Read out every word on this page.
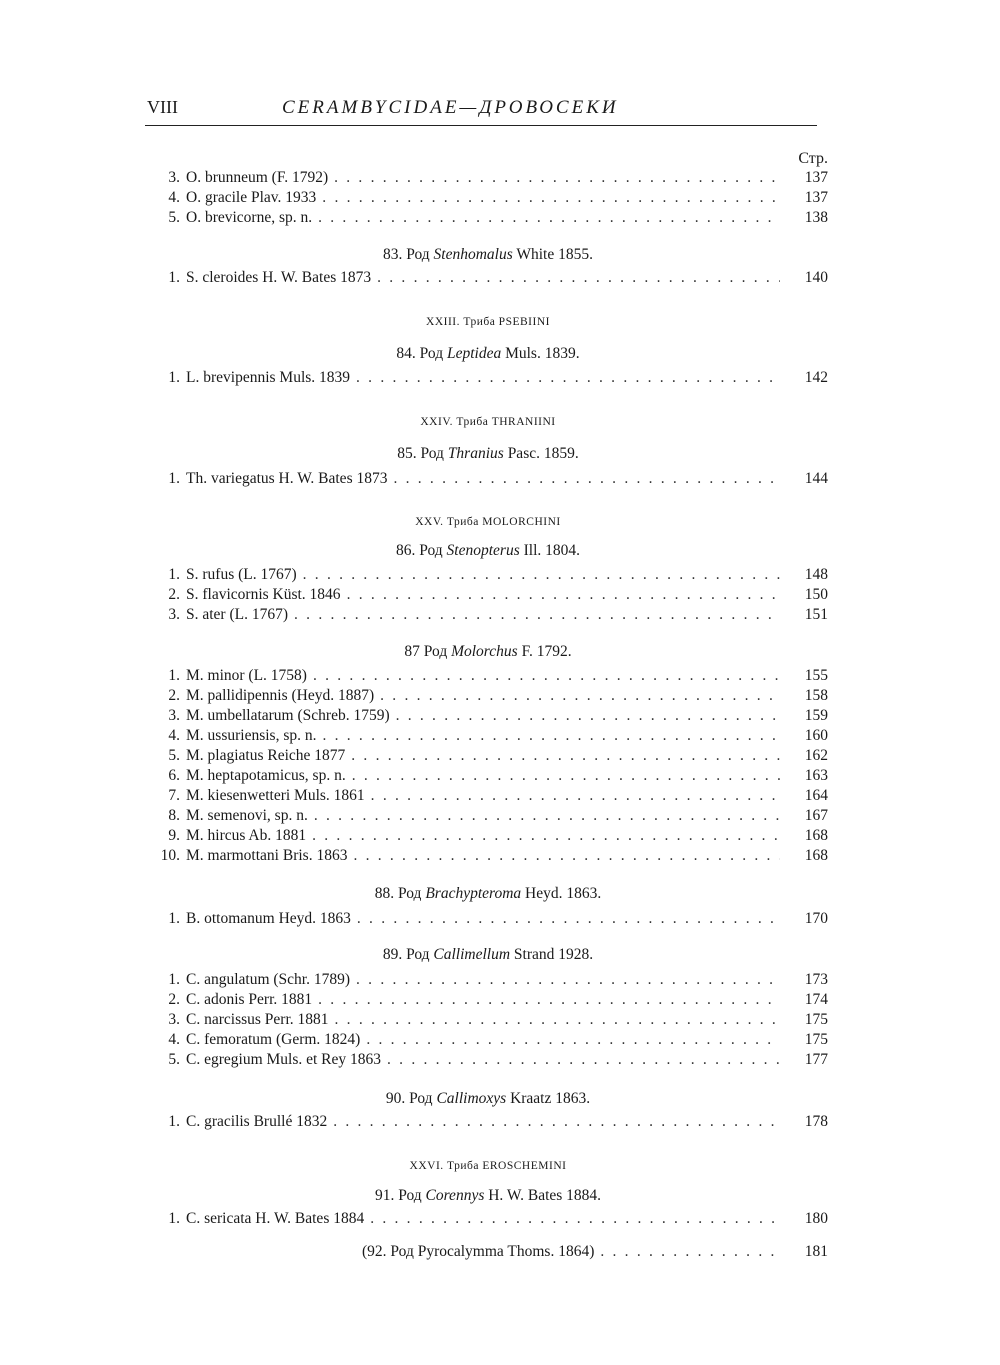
VIII	CERAMBYCIDAE—ДРОВОСЕКИ
Стр.
3. O. brunneum (F. 1792) . . .	137
4. O. gracile Plav. 1933 . . .	137
5. O. brevicorne, sp. n. . . .	138
83. Род Stenhomalus White 1855.
1. S. cleroides H. W. Bates 1873 . . .	140
XXIII. Триба PSEBIINI
84. Род Leptidea Muls. 1839.
1. L. brevipennis Muls. 1839 . . .	142
XXIV. Триба THRANIINI
85. Род Thranius Pasc. 1859.
1. Th. variegatus H. W. Bates 1873 . . .	144
XXV. Триба MOLORCHINI
86. Род Stenopterus Ill. 1804.
1. S. rufus (L. 1767) . . .	148
2. S. flavicornis Küst. 1846 . . .	150
3. S. ater (L. 1767) . . .	151
87 Род Molorchus F. 1792.
1. M. minor (L. 1758) . . .	155
2. M. pallidipennis (Heyd. 1887) . . .	158
3. M. umbellatarum (Schreb. 1759) . . .	159
4. M. ussuriensis, sp. n. . . .	160
5. M. plagiatus Reiche 1877 . . .	162
6. M. heptapotamicus, sp. n. . . .	163
7. M. kiesenwetteri Muls. 1861 . . .	164
8. M. semenovi, sp. n. . . .	167
9. M. hircus Ab. 1881 . . .	168
10. M. marmottani Bris. 1863 . . .	168
88. Род Brachypteroma Heyd. 1863.
1. B. ottomanum Heyd. 1863 . . .	170
89. Род Callimellum Strand 1928.
1. C. angulatum (Schr. 1789) . . .	173
2. C. adonis Perr. 1881 . . .	174
3. C. narcissus Perr. 1881 . . .	175
4. C. femoratum (Germ. 1824) . . .	175
5. C. egregium Muls. et Rey 1863 . . .	177
90. Род Callimoxys Kraatz 1863.
1. C. gracilis Brullé 1832 . . .	178
XXVI. Триба EROSCHEMINI
91. Род Corennys H. W. Bates 1884.
1. C. sericata H. W. Bates 1884 . . .	180
(92. Род Pyrocalymma Thoms. 1864) . . .	181
